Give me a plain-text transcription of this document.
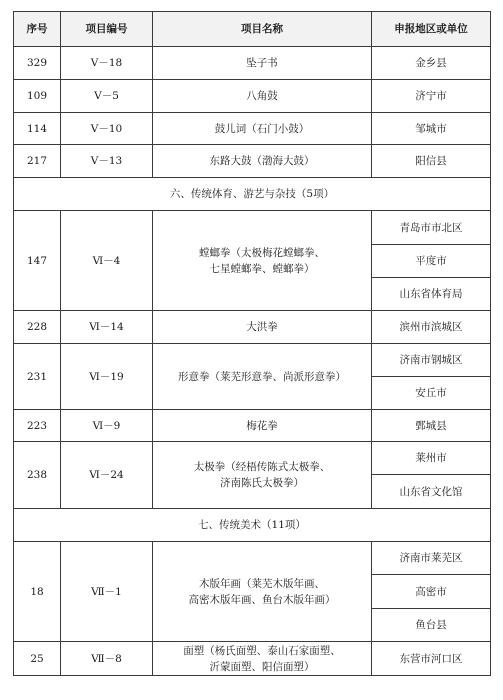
序号	项目编号	项目名称	申报地区或单位
329	Ⅴ－18	坠子书	金乡县
109	Ⅴ－5	八角鼓	济宁市
114	Ⅴ－10	鼓儿词（石门小鼓）	邹城市
217	Ⅴ－13	东路大鼓（渤海大鼓）	阳信县
六、传统体育、游艺与杂技（5项）			
147	Ⅵ－4	螳螂拳（太极梅花螳螂拳、
七星螳螂拳、螳螂拳）	青岛市市北区
			平度市
			山东省体育局
228	Ⅵ－14	大洪拳	滨州市滨城区
231	Ⅵ－19	形意拳（莱芜形意拳、尚派形意拳）	济南市钢城区
			安丘市
223	Ⅵ－9	梅花拳	鄄城县
238	Ⅵ－24	太极拳（经梧传陈式太极拳、
济南陈氏太极拳）	莱州市
			山东省文化馆
七、传统美术（11项）			
18	Ⅶ－1	木版年画（莱芜木版年画、
高密木版年画、鱼台木版年画）	济南市莱芜区
			高密市
			鱼台县
25	Ⅶ－8	面塑（杨氏面塑、泰山石家面塑、
沂蒙面塑、阳信面塑）	东营市河口区
